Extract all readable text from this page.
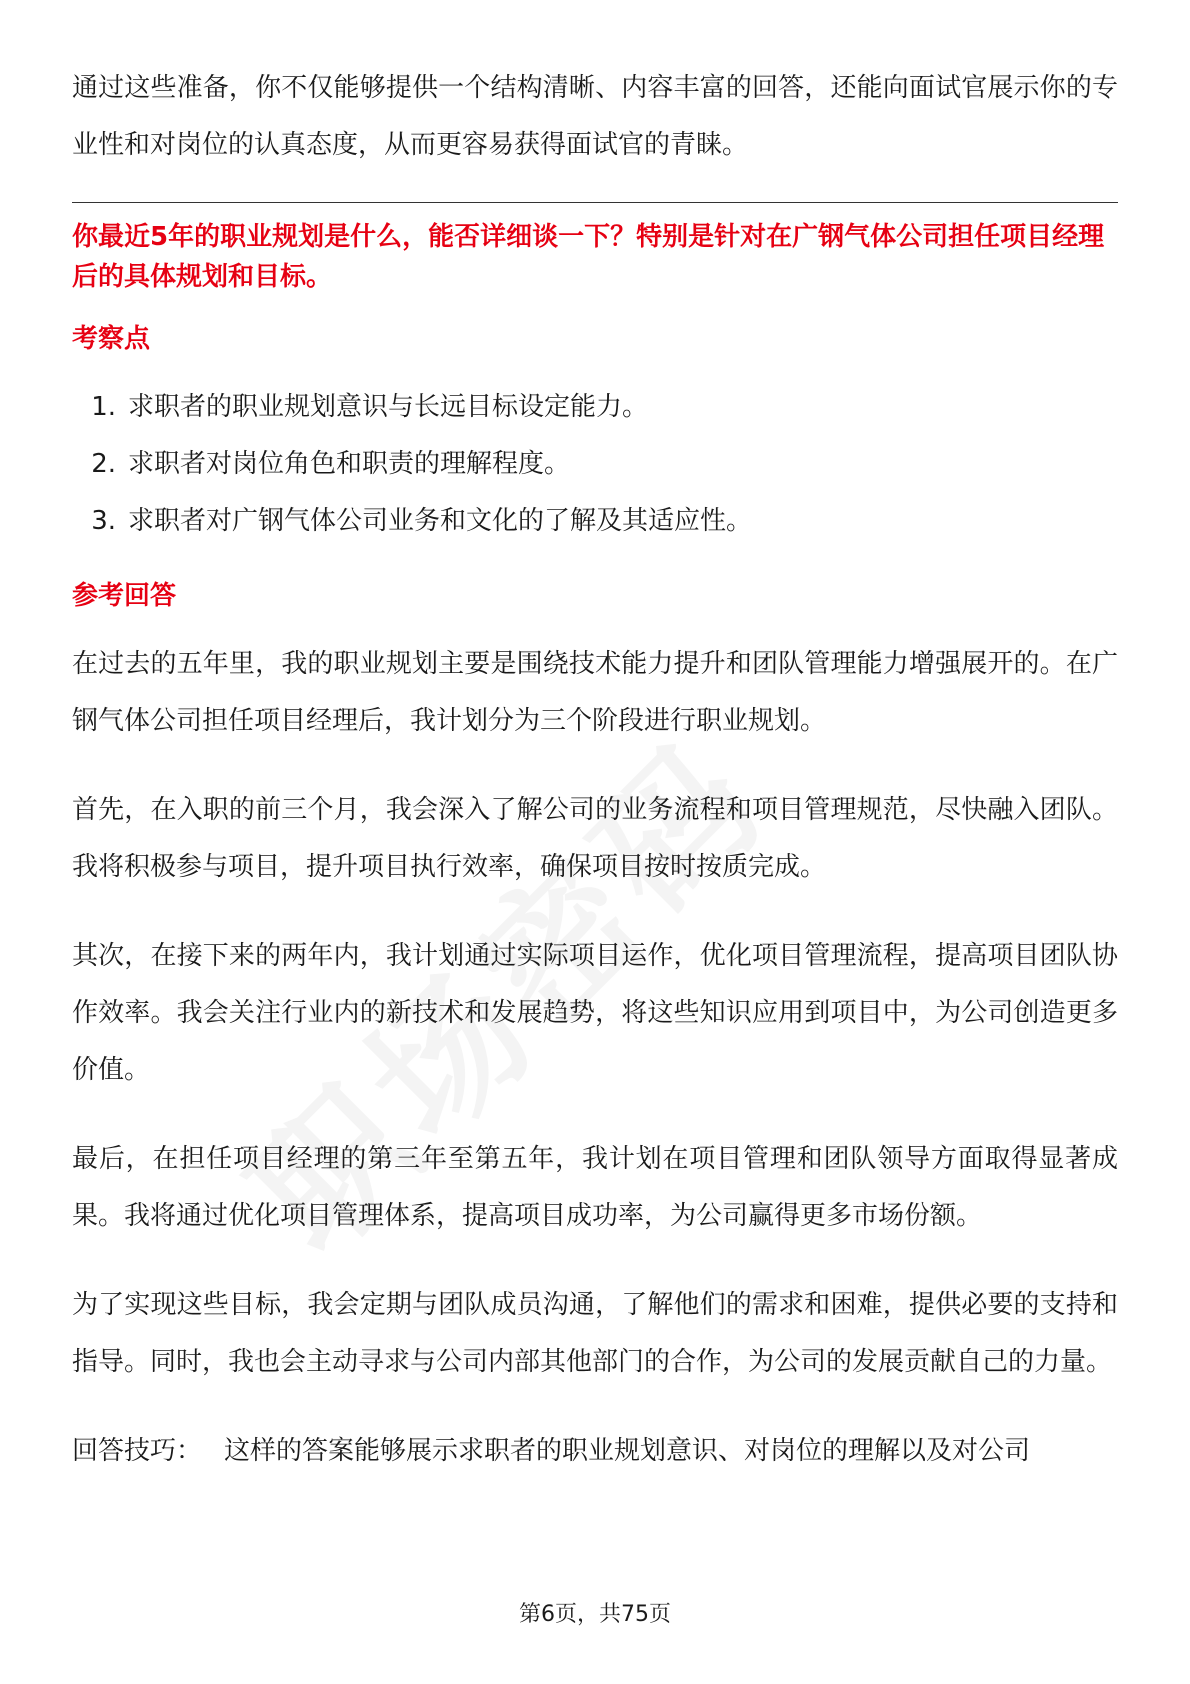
通过这些准备，你不仅能够提供一个结构清晰、内容丰富的回答，还能向面试官展示你的专业性和对岗位的认真态度，从而更容易获得面试官的青睐。

你最近5年的职业规划是什么，能否详细谈一下？特别是针对在广钢气体公司担任项目经理后的具体规划和目标。

考察点
1. 求职者的职业规划意识与长远目标设定能力。
2. 求职者对岗位角色和职责的理解程度。
3. 求职者对广钢气体公司业务和文化的了解及其适应性。
参考回答

在过去的五年里，我的职业规划主要是围绕技术能力提升和团队管理能力增强展开的。在广钢气体公司担任项目经理后，我计划分为三个阶段进行职业规划。

首先，在入职的前三个月，我会深入了解公司的业务流程和项目管理规范，尽快融入团队。我将积极参与项目，提升项目执行效率，确保项目按时按质完成。

其次，在接下来的两年内，我计划通过实际项目运作，优化项目管理流程，提高项目团队协作效率。我会关注行业内的新技术和发展趋势，将这些知识应用到项目中，为公司创造更多价值。

最后，在担任项目经理的第三年至第五年，我计划在项目管理和团队领导方面取得显著成果。我将通过优化项目管理体系，提高项目成功率，为公司赢得更多市场份额。

为了实现这些目标，我会定期与团队成员沟通，了解他们的需求和困难，提供必要的支持和指导。同时，我也会主动寻求与公司内部其他部门的合作，为公司的发展贡献自己的力量。

回答技巧： 这样的答案能够展示求职者的职业规划意识、对岗位的理解以及对公司

第6页，共75页
